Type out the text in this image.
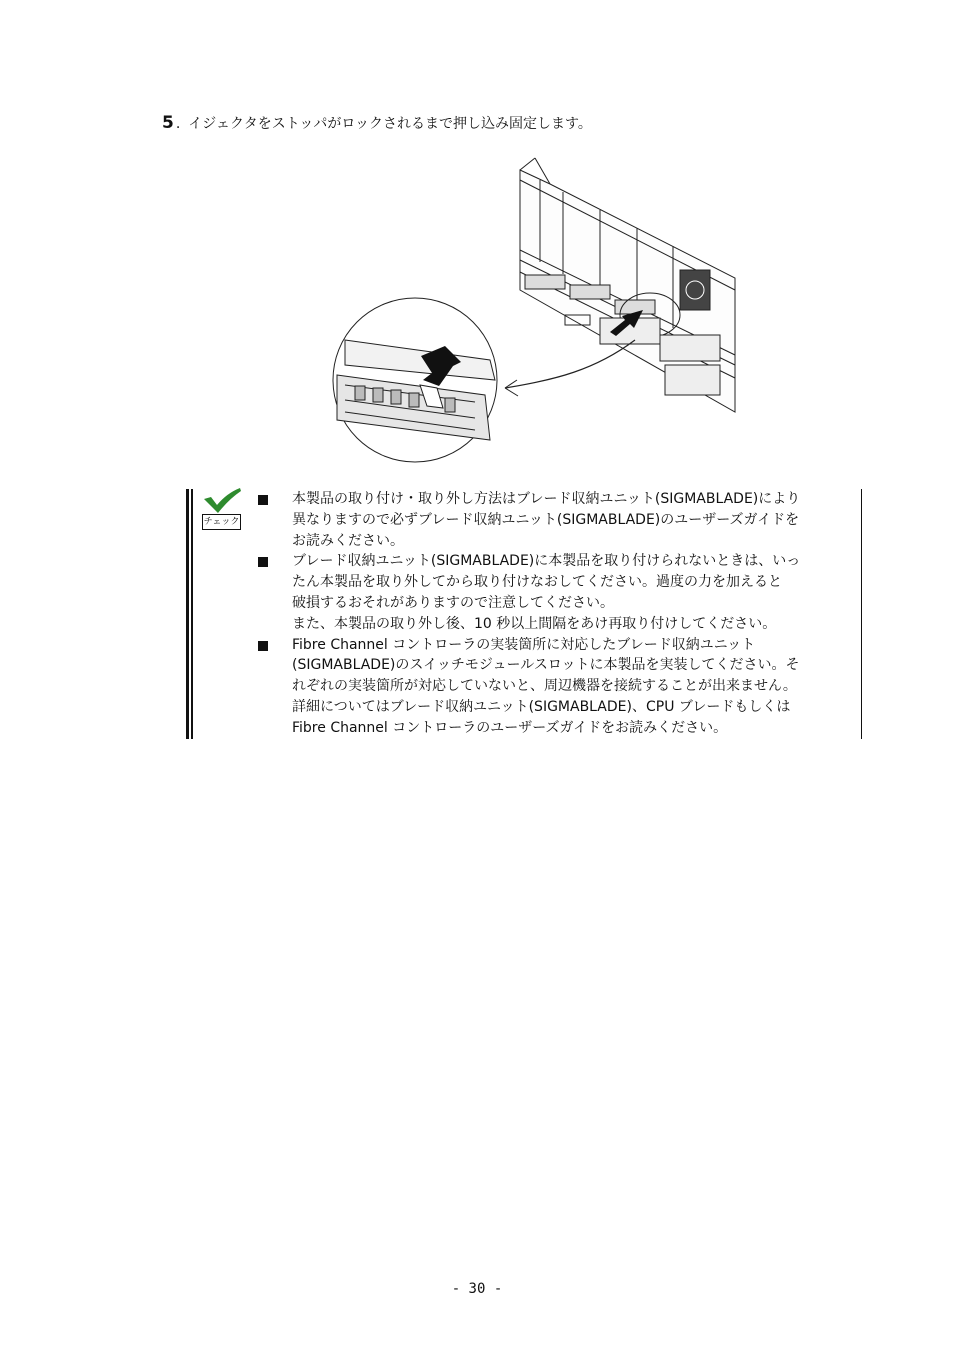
5 . イジェクタをストッパがロックされるまで押し込み固定します。
チェック
本製品の取り付け・取り外し方法はブレード収納ユニット(SIGMABLADE)により
異なりますので必ずブレード収納ユニット(SIGMABLADE)のユーザーズガイドを
お読みください。
ブレード収納ユニット(SIGMABLADE)に本製品を取り付けられないときは、いっ
たん本製品を取り外してから取り付けなおしてください。過度の力を加えると
破損するおそれがありますので注意してください。
また、本製品の取り外し後、10 秒以上間隔をあけ再取り付けしてください。
Fibre Channel コントローラの実装箇所に対応したブレード収納ユニット
(SIGMABLADE)のスイッチモジュールスロットに本製品を実装してください。そ
れぞれの実装箇所が対応していないと、周辺機器を接続することが出来ません。
詳細についてはブレード収納ユニット(SIGMABLADE)、CPU ブレードもしくは
Fibre Channel コントローラのユーザーズガイドをお読みください。
- 30 -
